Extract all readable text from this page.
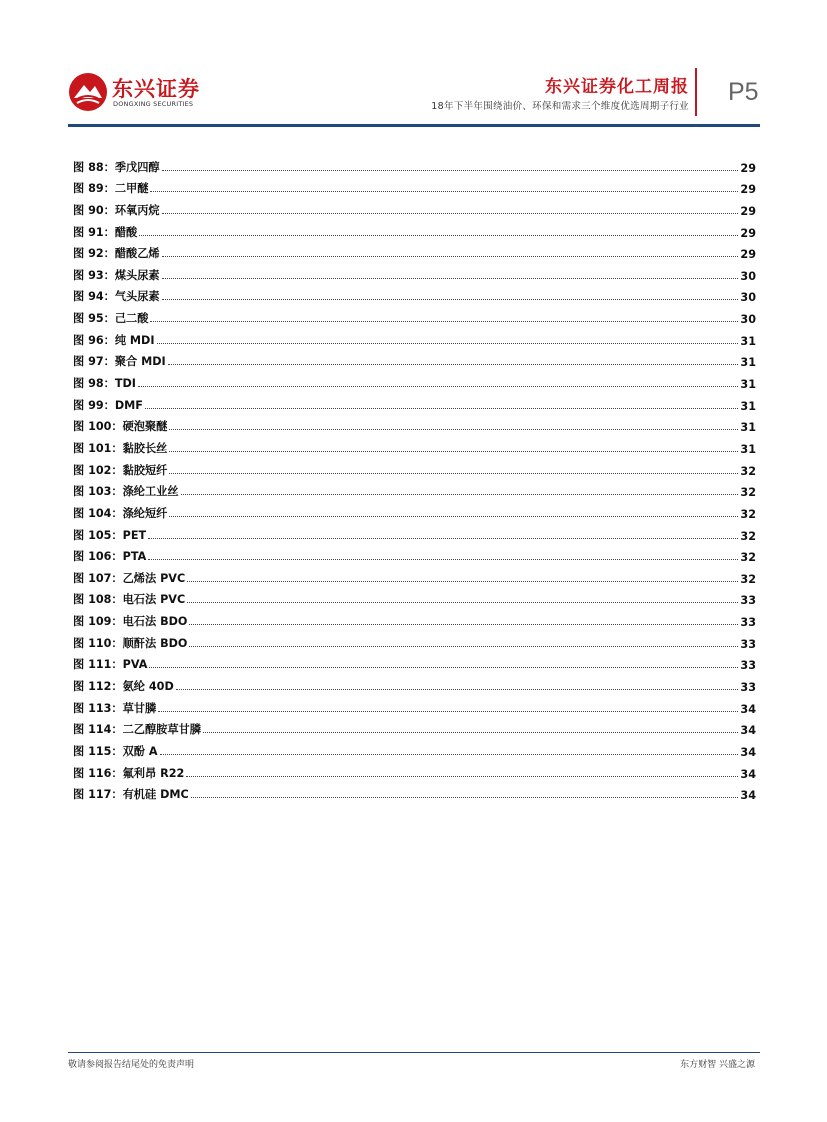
东兴证券
DONGXING SECURITIES
东兴证券化工周报
18年下半年围绕油价、环保和需求三个维度优选周期子行业
P5
图 88：季戊四醇	29
图 89：二甲醚	29
图 90：环氧丙烷	29
图 91：醋酸	29
图 92：醋酸乙烯	29
图 93：煤头尿素	30
图 94：气头尿素	30
图 95：己二酸	30
图 96：纯 MDI	31
图 97：聚合 MDI	31
图 98：TDI	31
图 99：DMF	31
图 100：硬泡聚醚	31
图 101：黏胶长丝	31
图 102：黏胶短纤	32
图 103：涤纶工业丝	32
图 104：涤纶短纤	32
图 105：PET	32
图 106：PTA	32
图 107：乙烯法 PVC	32
图 108：电石法 PVC	33
图 109：电石法 BDO	33
图 110：顺酐法 BDO	33
图 111：PVA	33
图 112：氨纶 40D	33
图 113：草甘膦	34
图 114：二乙醇胺草甘膦	34
图 115：双酚 A	34
图 116：氟利昂 R22	34
图 117：有机硅 DMC	34
敬请参阅报告结尾处的免责声明	东方财智 兴盛之源
